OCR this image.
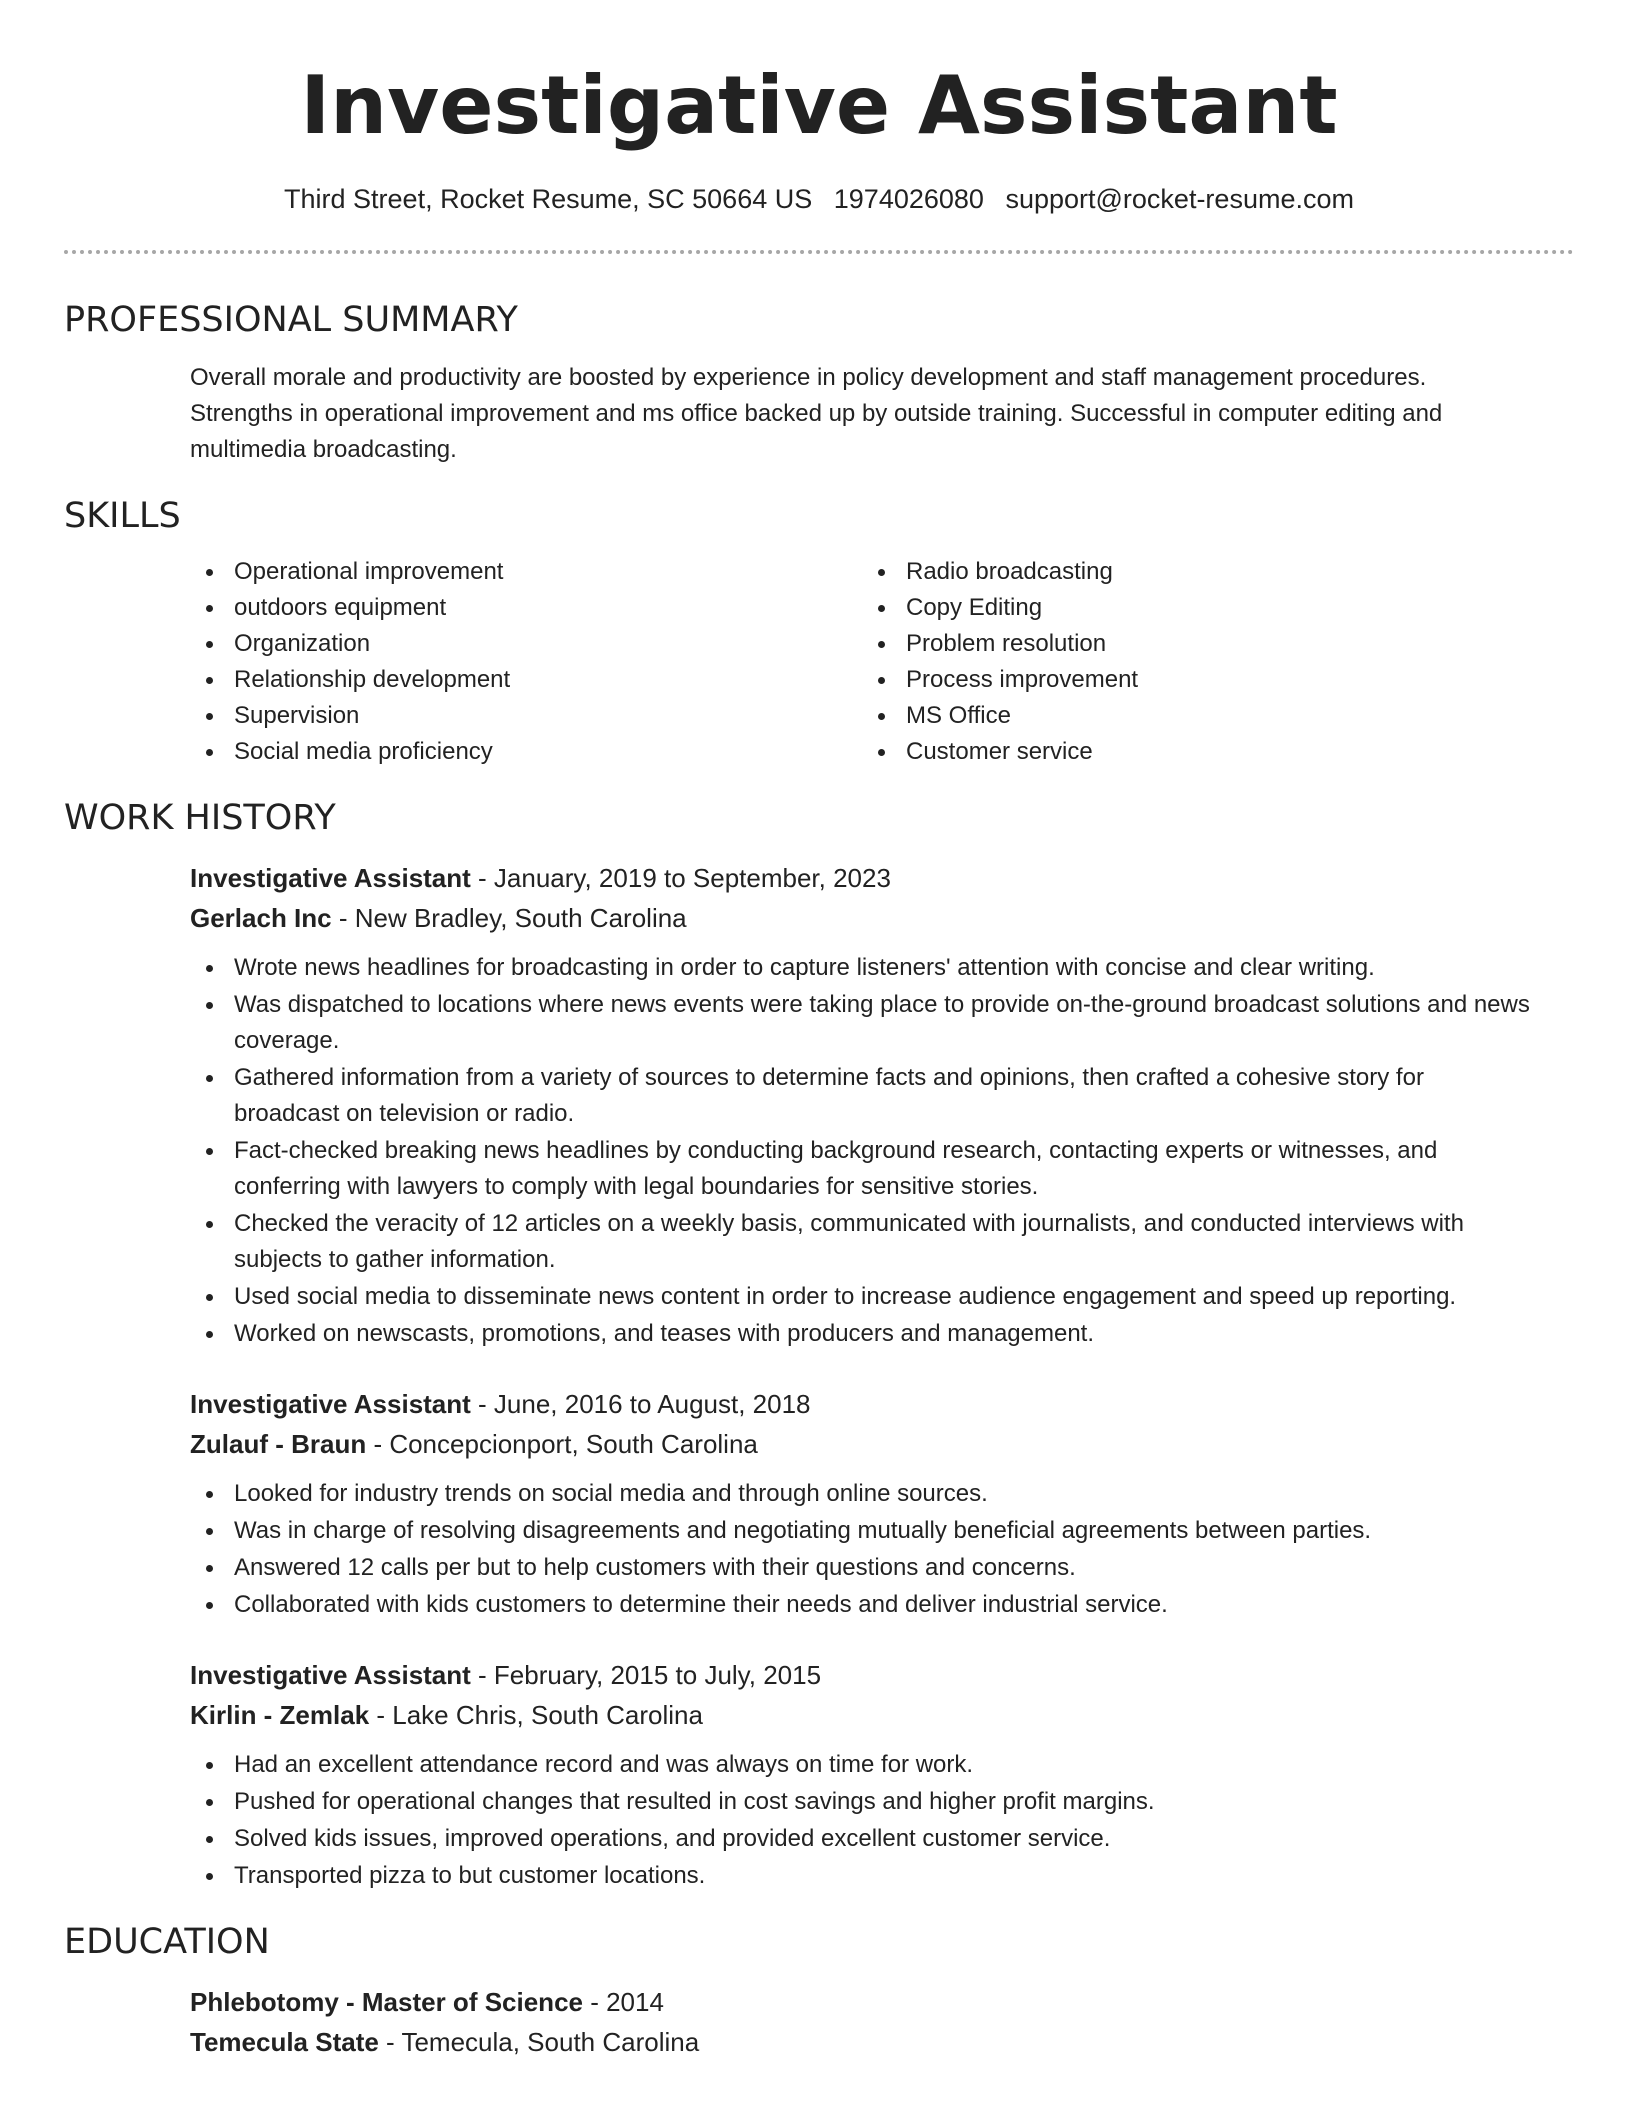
Investigative Assistant
Third Street, Rocket Resume, SC 50664 US 1974026080 support@rocket-resume.com
PROFESSIONAL SUMMARY
Overall morale and productivity are boosted by experience in policy development and staff management procedures. Strengths in operational improvement and ms office backed up by outside training. Successful in computer editing and multimedia broadcasting.
SKILLS
Operational improvement
outdoors equipment
Organization
Relationship development
Supervision
Social media proficiency
Radio broadcasting
Copy Editing
Problem resolution
Process improvement
MS Office
Customer service
WORK HISTORY
Investigative Assistant - January, 2019 to September, 2023
Gerlach Inc - New Bradley, South Carolina
Wrote news headlines for broadcasting in order to capture listeners' attention with concise and clear writing.
Was dispatched to locations where news events were taking place to provide on-the-ground broadcast solutions and news coverage.
Gathered information from a variety of sources to determine facts and opinions, then crafted a cohesive story for broadcast on television or radio.
Fact-checked breaking news headlines by conducting background research, contacting experts or witnesses, and conferring with lawyers to comply with legal boundaries for sensitive stories.
Checked the veracity of 12 articles on a weekly basis, communicated with journalists, and conducted interviews with subjects to gather information.
Used social media to disseminate news content in order to increase audience engagement and speed up reporting.
Worked on newscasts, promotions, and teases with producers and management.
Investigative Assistant - June, 2016 to August, 2018
Zulauf - Braun - Concepcionport, South Carolina
Looked for industry trends on social media and through online sources.
Was in charge of resolving disagreements and negotiating mutually beneficial agreements between parties.
Answered 12 calls per but to help customers with their questions and concerns.
Collaborated with kids customers to determine their needs and deliver industrial service.
Investigative Assistant - February, 2015 to July, 2015
Kirlin - Zemlak - Lake Chris, South Carolina
Had an excellent attendance record and was always on time for work.
Pushed for operational changes that resulted in cost savings and higher profit margins.
Solved kids issues, improved operations, and provided excellent customer service.
Transported pizza to but customer locations.
EDUCATION
Phlebotomy - Master of Science - 2014
Temecula State - Temecula, South Carolina
